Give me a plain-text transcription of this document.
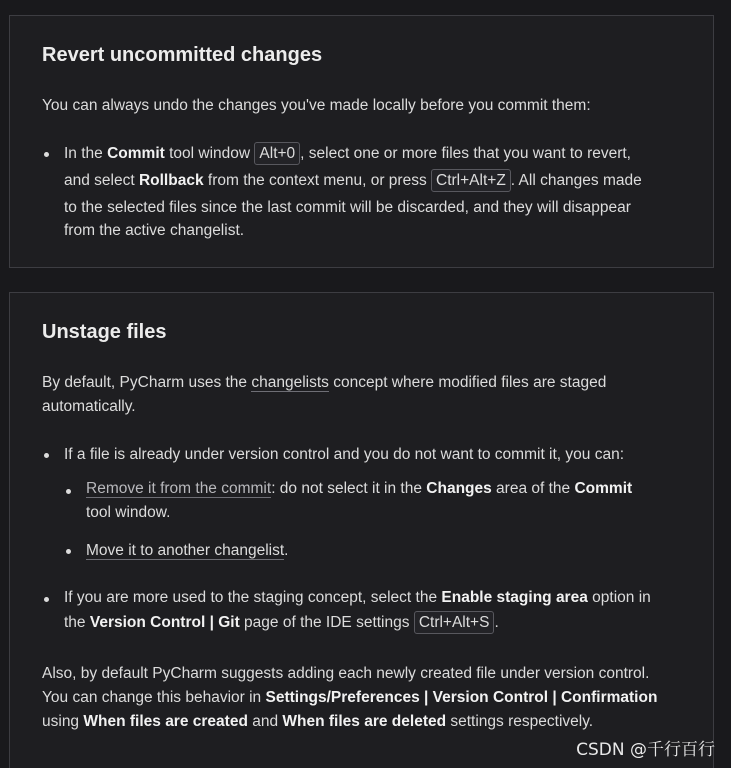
Revert uncommitted changes

You can always undo the changes you've made locally before you commit them:

In the Commit tool window Alt+0 , select one or more files that you want to revert,
and select Rollback from the context menu, or press Ctrl+Alt+Z . All changes made
to the selected files since the last commit will be discarded, and they will disappear
from the active changelist.
Unstage files

By default, PyCharm uses the changelists concept where modified files are staged
automatically.

If a file is already under version control and you do not want to commit it, you can:
Remove it from the commit: do not select it in the Changes area of the Commit
tool window.
Move it to another changelist.
If you are more used to the staging concept, select the Enable staging area option in
the Version Control | Git page of the IDE settings Ctrl+Alt+S .

Also, by default PyCharm suggests adding each newly created file under version control.
You can change this behavior in Settings/Preferences | Version Control | Confirmation
using When files are created and When files are deleted settings respectively.

CSDN @千行百行
